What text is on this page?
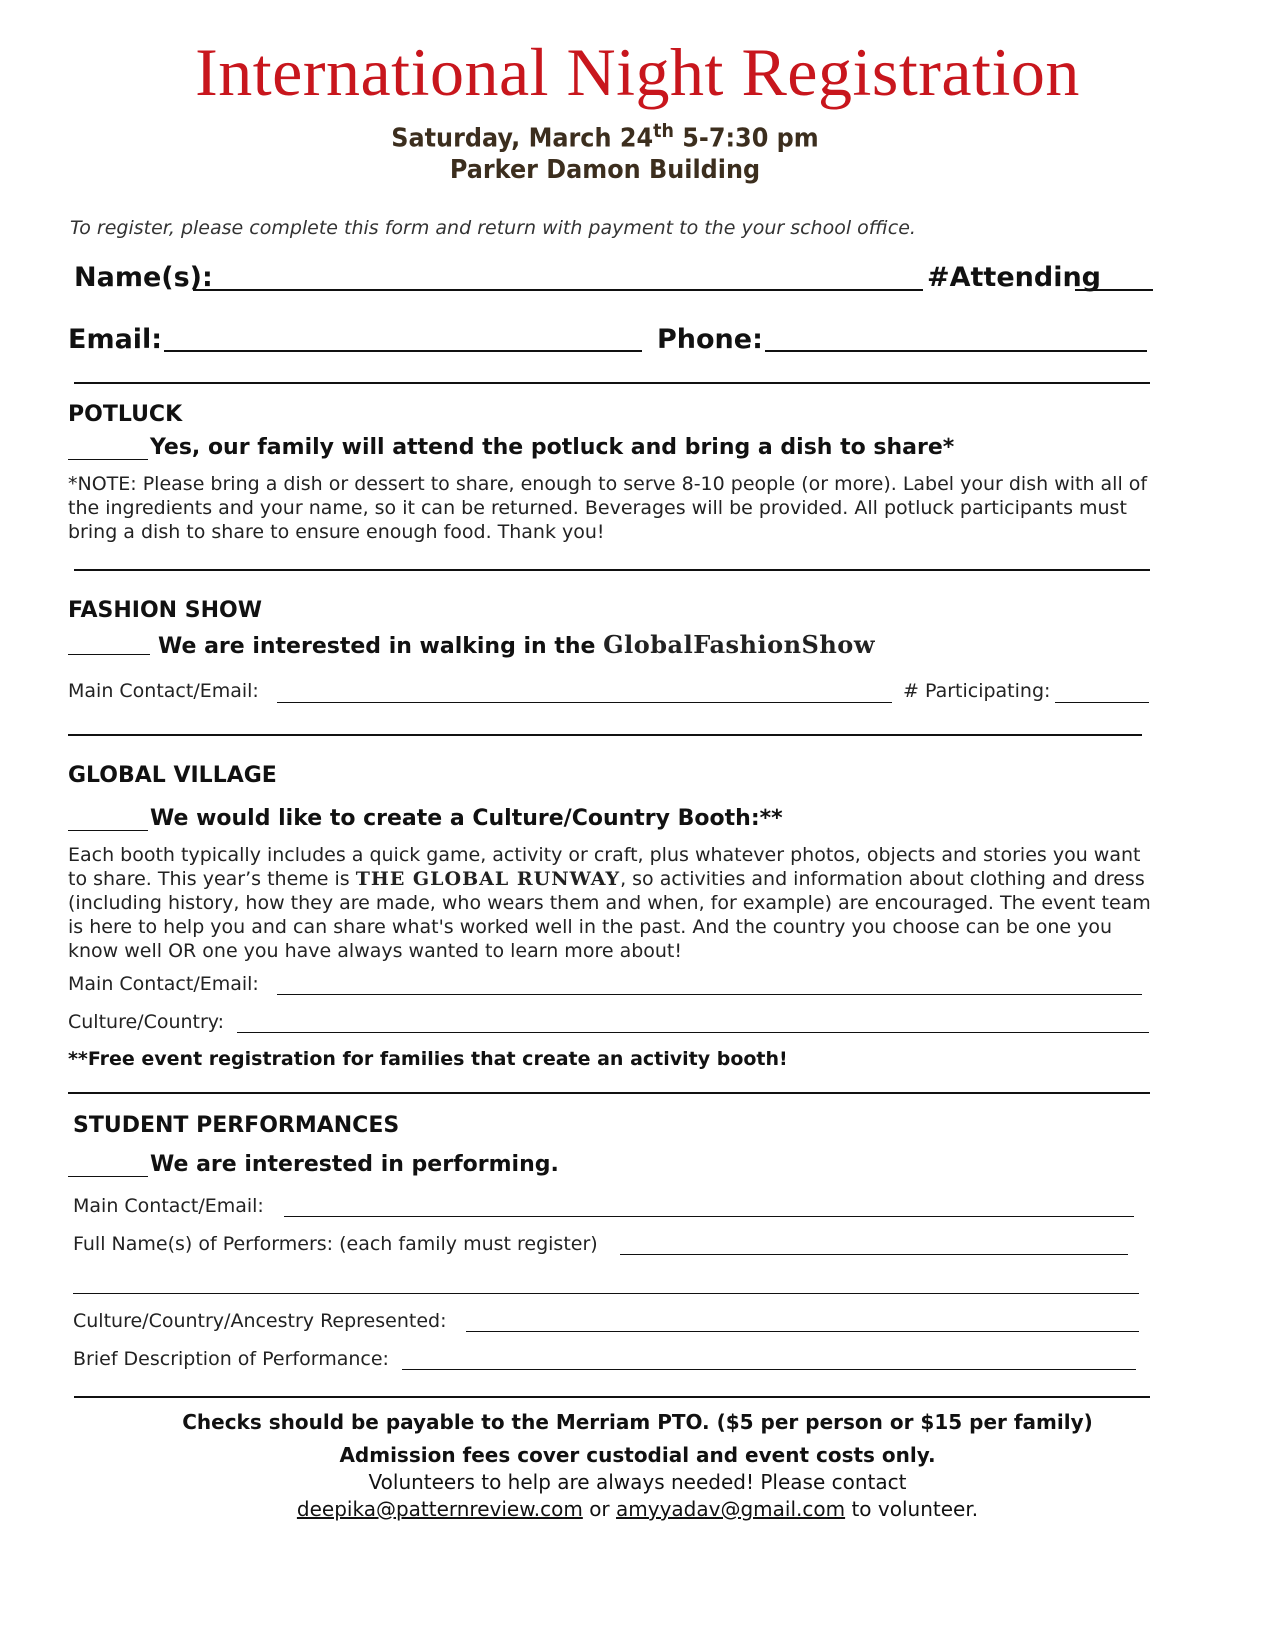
International Night Registration
Saturday, March 24th 5-7:30 pm
Parker Damon Building
To register, please complete this form and return with payment to the your school office.
Name(s):	#Attending
Email:	Phone:
POTLUCK
Yes, our family will attend the potluck and bring a dish to share*
*NOTE: Please bring a dish or dessert to share, enough to serve 8-10 people (or more). Label your dish with all of the ingredients and your name, so it can be returned. Beverages will be provided. All potluck participants must bring a dish to share to ensure enough food. Thank you!
FASHION SHOW
We are interested in walking in the GlobalFashionShow
Main Contact/Email:	# Participating:
GLOBAL VILLAGE
We would like to create a Culture/Country Booth:**
Each booth typically includes a quick game, activity or craft, plus whatever photos, objects and stories you want to share. This year’s theme is THE GLOBAL RUNWAY, so activities and information about clothing and dress (including history, how they are made, who wears them and when, for example) are encouraged. The event team is here to help you and can share what's worked well in the past. And the country you choose can be one you know well OR one you have always wanted to learn more about!
Main Contact/Email:
Culture/Country:
**Free event registration for families that create an activity booth!
STUDENT PERFORMANCES
We are interested in performing.
Main Contact/Email:
Full Name(s) of Performers: (each family must register)
Culture/Country/Ancestry Represented:
Brief Description of Performance:
Checks should be payable to the Merriam PTO. ($5 per person or $15 per family)
Admission fees cover custodial and event costs only.
Volunteers to help are always needed! Please contact
deepika@patternreview.com or amyyadav@gmail.com to volunteer.
